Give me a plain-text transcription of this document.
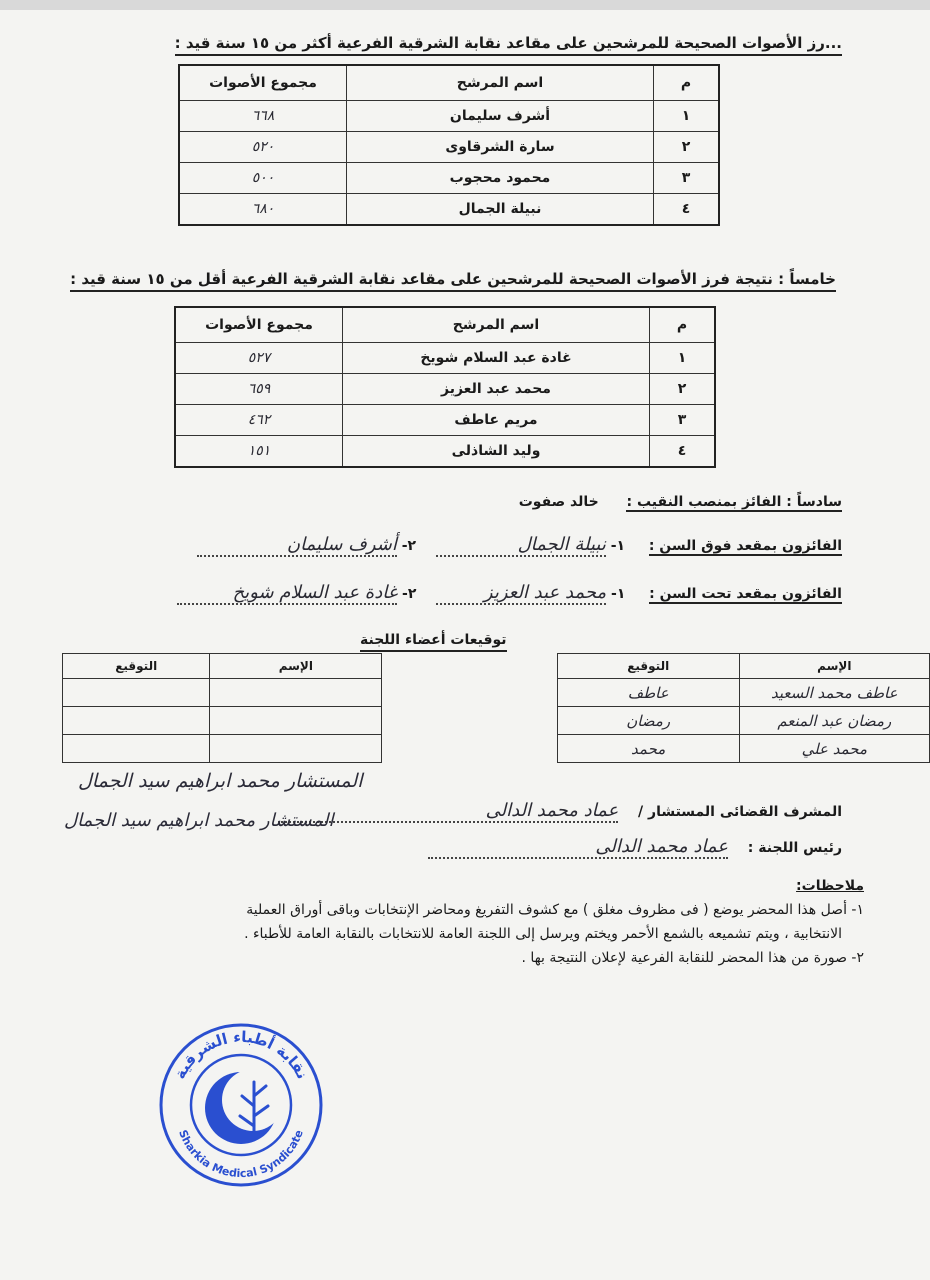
...رز الأصوات الصحيحة للمرشحين على مقاعد نقابة الشرقية الفرعية أكثر من ١٥ سنة قيد :
م	اسم المرشح	مجموع الأصوات
١	أشرف سليمان	٦٦٨
٢	سارة الشرقاوى	٥٢٠
٣	محمود محجوب	٥٠٠
٤	نبيلة الجمال	٦٨٠
خامساً : نتيجة فرز الأصوات الصحيحة للمرشحين على مقاعد نقابة الشرقية الفرعية أقل من ١٥ سنة قيد :
م	اسم المرشح	مجموع الأصوات
١	غادة عبد السلام شويخ	٥٢٧
٢	محمد عبد العزيز	٦٥٩
٣	مريم عاطف	٤٦٢
٤	وليد الشاذلى	١٥١
سادساً : الفائز بمنصب النقيب :  خالد صفوت
الفائزون بمقعد فوق السن :  ١- نبيلة الجمال  ٢- أشرف سليمان
الفائزون بمقعد تحت السن :  ١- محمد عبد العزيز  ٢- غادة عبد السلام شويخ
توقيعات أعضاء اللجنة
الإسم	التوقيع		الإسم	التوقيع
عاطف محمد السعيد	عاطف			
رمضان عبد المنعم	رمضان			
محمد علي	محمد			
المستشار محمد ابراهيم سيد الجمال
المشرف القضائى المستشار /  عماد محمد الدالى
المستشار محمد ابراهيم سيد الجمال
رئيس اللجنة :  عماد محمد الدالى
ملاحظات:
١- أصل هذا المحضر يوضع ( فى مظروف مغلق ) مع كشوف التفريغ ومحاضر الإنتخابات وباقى أوراق العملية
الانتخابية ، ويتم تشميعه بالشمع الأحمر ويختم ويرسل إلى اللجنة العامة للانتخابات بالنقابة العامة للأطباء .
٢- صورة من هذا المحضر للنقابة الفرعية لإعلان النتيجة بها .
نقابة أطباء الشرقية
Sharkia Medical Syndicate
